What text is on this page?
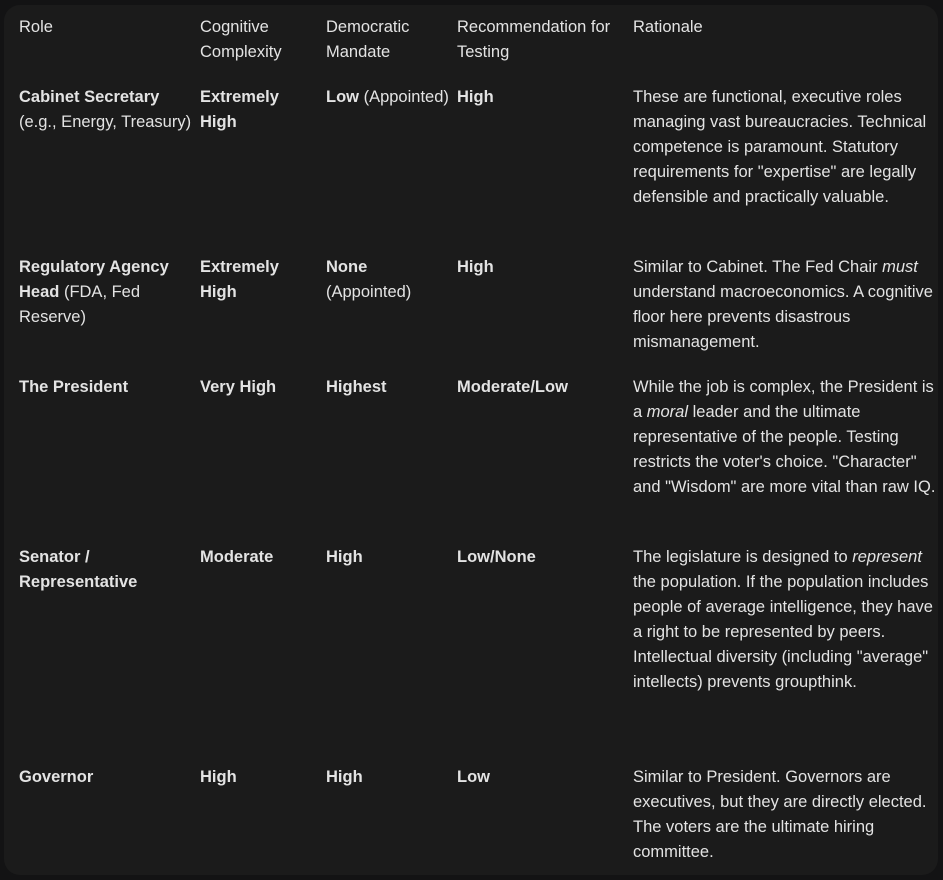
Role	Cognitive Complexity	Democratic Mandate	Recommendation for Testing	Rationale

Cabinet Secretary (e.g., Energy, Treasury)	Extremely High	Low (Appointed)	High	These are functional, executive roles managing vast bureaucracies. Technical competence is paramount. Statutory requirements for "expertise" are legally defensible and practically valuable.

Regulatory Agency Head (FDA, Fed Reserve)	Extremely High	None (Appointed)	High	Similar to Cabinet. The Fed Chair must understand macroeconomics. A cognitive floor here prevents disastrous mismanagement.

The President	Very High	Highest	Moderate/Low	While the job is complex, the President is a moral leader and the ultimate representative of the people. Testing restricts the voter's choice. "Character" and "Wisdom" are more vital than raw IQ.

Senator / Representative	Moderate	High	Low/None	The legislature is designed to represent the population. If the population includes people of average intelligence, they have a right to be represented by peers. Intellectual diversity (including "average" intellects) prevents groupthink.

Governor	High	High	Low	Similar to President. Governors are executives, but they are directly elected. The voters are the ultimate hiring committee.
